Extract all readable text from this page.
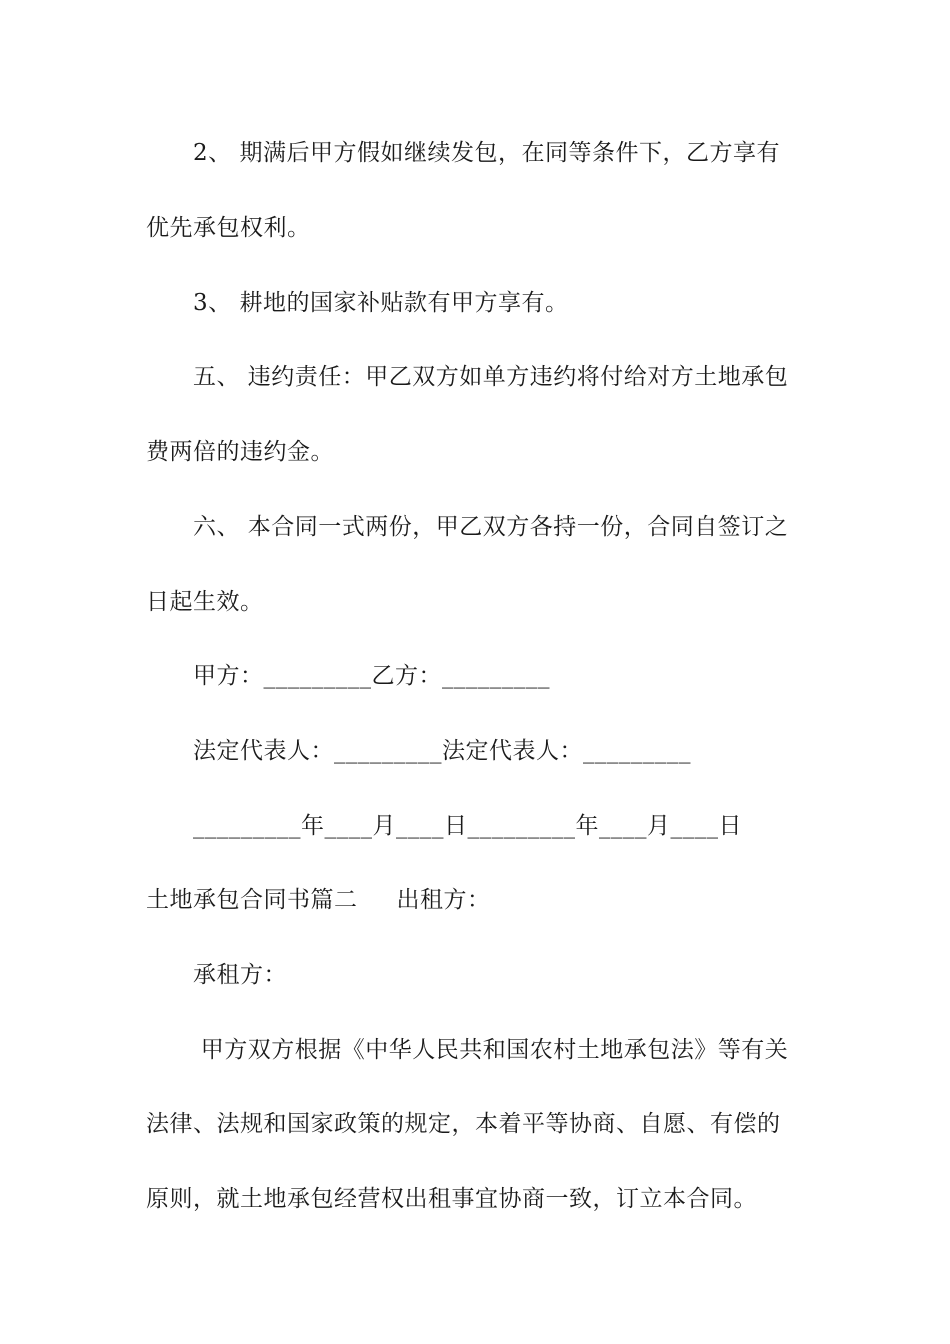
2、 期满后甲方假如继续发包，在同等条件下，乙方享有
优先承包权利。
3、 耕地的国家补贴款有甲方享有。
五、 违约责任：甲乙双方如单方违约将付给对方土地承包
费两倍的违约金。
六、 本合同一式两份，甲乙双方各持一份，合同自签订之
日起生效。
甲方：_________乙方：_________
法定代表人：_________法定代表人：_________
_________年____月____日_________年____月____日
土地承包合同书篇二     出租方：
承租方：
甲方双方根据《中华人民共和国农村土地承包法》等有关
法律、法规和国家政策的规定，本着平等协商、自愿、有偿的
原则，就土地承包经营权出租事宜协商一致，订立本合同。
